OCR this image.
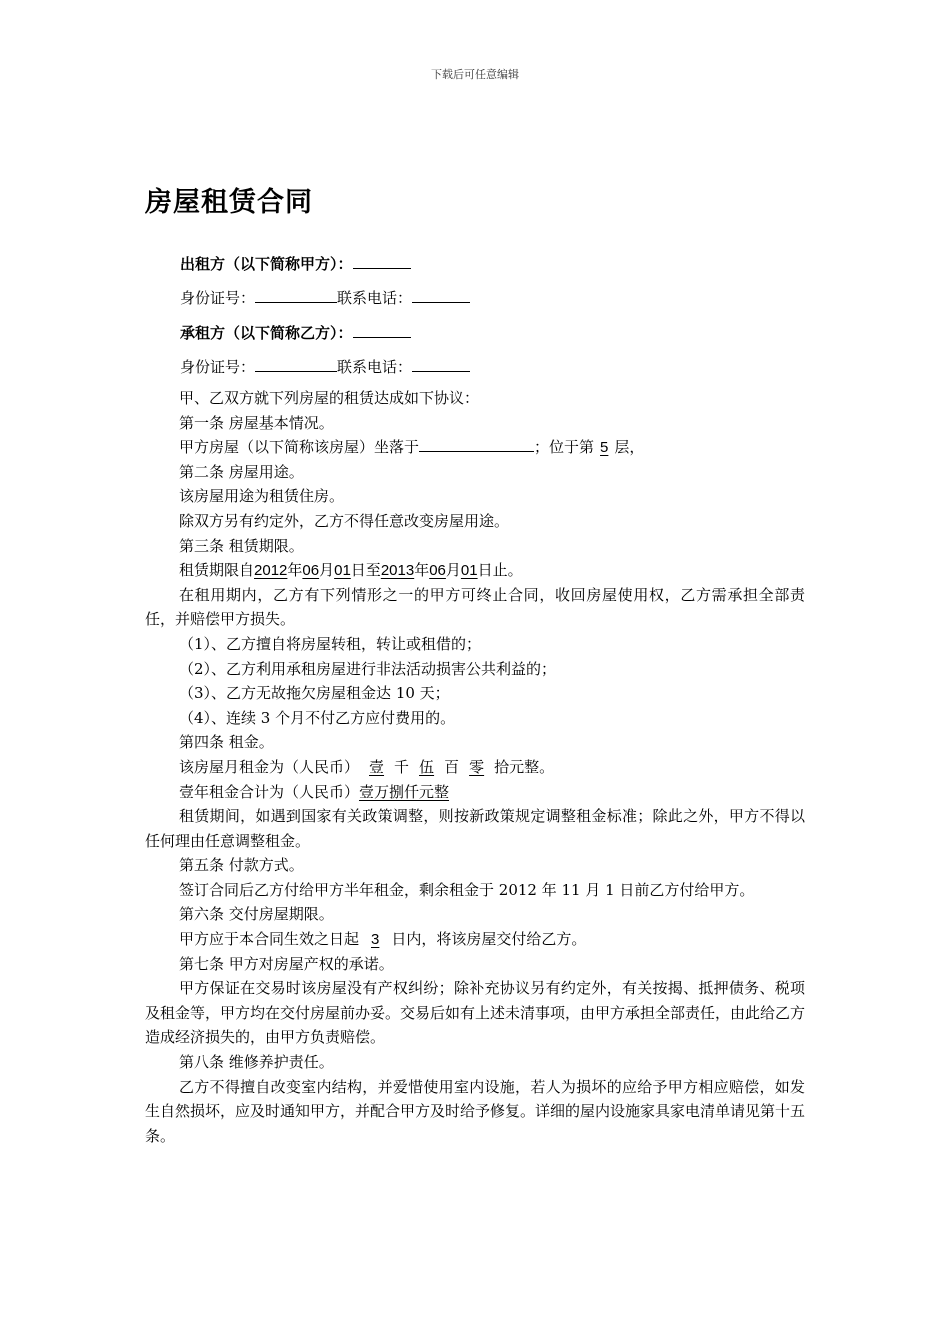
下载后可任意编辑
房屋租赁合同
出租方（以下简称甲方）：
身份证号：	联系电话：
承租方（以下简称乙方）：
身份证号：	联系电话：
甲、乙双方就下列房屋的租赁达成如下协议：
第一条 房屋基本情况。
甲方房屋（以下简称该房屋）坐落于	；位于第 5 层，
第二条 房屋用途。
该房屋用途为租赁住房。
除双方另有约定外，乙方不得任意改变房屋用途。
第三条 租赁期限。
租赁期限自2012年06月01日至2013年06月01日止。
在租用期内，乙方有下列情形之一的甲方可终止合同，收回房屋使用权，乙方需承担全部责任，并赔偿甲方损失。
（1）、乙方擅自将房屋转租，转让或租借的；
（2）、乙方利用承租房屋进行非法活动损害公共利益的；
（3）、乙方无故拖欠房屋租金达 10 天；
（4）、连续 3 个月不付乙方应付费用的。
第四条 租金。
该房屋月租金为（人民币） 壹 千 伍 百 零 拾元整。
壹年租金合计为（人民币）壹万捌仟元整
租赁期间，如遇到国家有关政策调整，则按新政策规定调整租金标准；除此之外，甲方不得以任何理由任意调整租金。
第五条 付款方式。
签订合同后乙方付给甲方半年租金，剩余租金于 2012 年 11 月 1 日前乙方付给甲方。
第六条 交付房屋期限。
甲方应于本合同生效之日起 3 日内，将该房屋交付给乙方。
第七条 甲方对房屋产权的承诺。
甲方保证在交易时该房屋没有产权纠纷；除补充协议另有约定外，有关按揭、抵押债务、税项及租金等，甲方均在交付房屋前办妥。交易后如有上述未清事项，由甲方承担全部责任，由此给乙方造成经济损失的，由甲方负责赔偿。
第八条 维修养护责任。
乙方不得擅自改变室内结构，并爱惜使用室内设施，若人为损坏的应给予甲方相应赔偿，如发生自然损坏，应及时通知甲方，并配合甲方及时给予修复。详细的屋内设施家具家电清单请见第十五条。
